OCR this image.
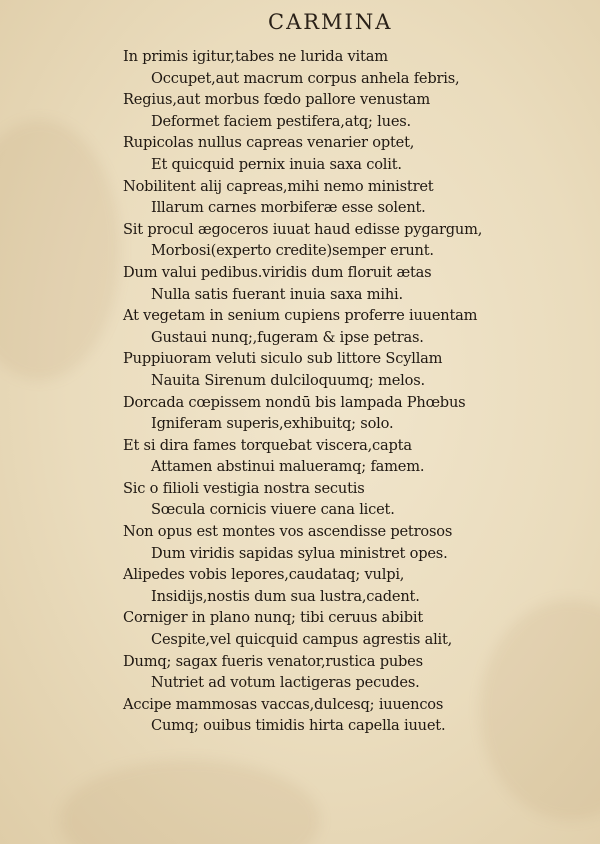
CARMINA
In primis igitur,tabes ne lurida vitam
Occupet,aut macrum corpus anhela febris,
Regius,aut morbus fœdo pallore venustam
Deformet faciem pestifera,atq; lues.
Rupicolas nullus capreas venarier optet,
Et quicquid pernix inuia saxa colit.
Nobilitent alij capreas,mihi nemo ministret
Illarum carnes morbiferæ esse solent.
Sit procul ægoceros iuuat haud edisse pygargum,
Morbosi(experto credite)semper erunt.
Dum valui pedibus.viridis dum floruit ætas
Nulla satis fuerant inuia saxa mihi.
At vegetam in senium cupiens proferre iuuentam
Gustaui nunq;,fugeram & ipse petras.
Puppiuoram veluti siculo sub littore Scyllam
Nauita Sirenum dulciloquumq; melos.
Dorcada cœpissem nondū bis lampada Phœbus
Igniferam superis,exhibuitq; solo.
Et si dira fames torquebat viscera,capta
Attamen abstinui malueramq; famem.
Sic o filioli vestigia nostra secutis
Sœcula cornicis viuere cana licet.
Non opus est montes vos ascendisse petrosos
Dum viridis sapidas sylua ministret opes.
Alipedes vobis lepores,caudataq; vulpi,
Insidijs,nostis dum sua lustra,cadent.
Corniger in plano nunq; tibi ceruus abibit
Cespite,vel quicquid campus agrestis alit,
Dumq; sagax fueris venator,rustica pubes
Nutriet ad votum lactigeras pecudes.
Accipe mammosas vaccas,dulcesq; iuuencos
Cumq; ouibus timidis hirta capella iuuet.
